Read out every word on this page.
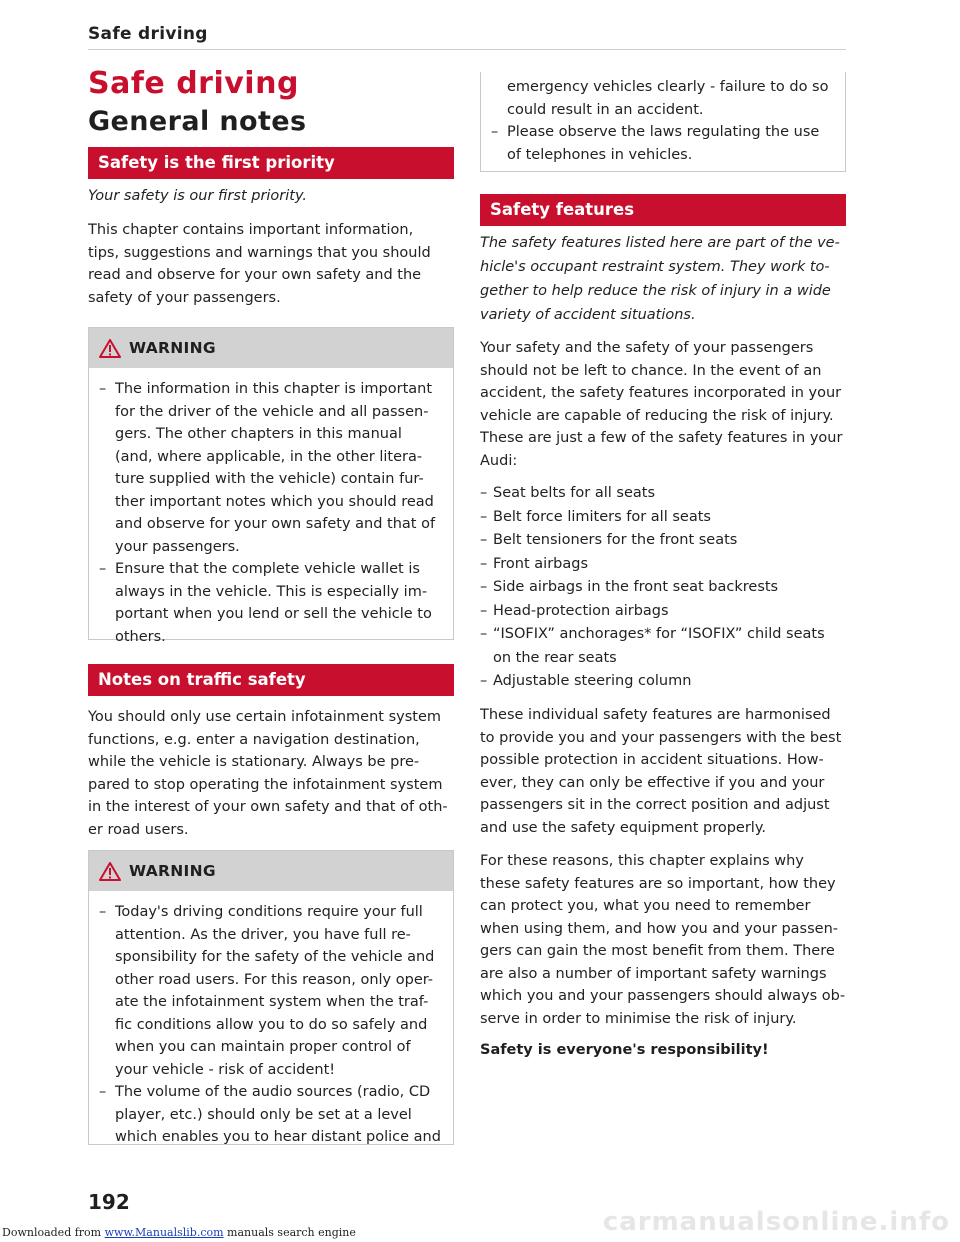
Safe driving
Safe driving
General notes
Safety is the first priority
Your safety is our first priority.

This chapter contains important information,

tips, suggestions and warnings that you should

read and observe for your own safety and the

safety of your passengers.

WARNING
– The information in this chapter is important
for the driver of the vehicle and all passen-
gers. The other chapters in this manual
(and, where applicable, in the other litera-
ture supplied with the vehicle) contain fur-
ther important notes which you should read
and observe for your own safety and that of
your passengers.
– Ensure that the complete vehicle wallet is
always in the vehicle. This is especially im-
portant when you lend or sell the vehicle to
others.
Notes on traffic safety

You should only use certain infotainment system

functions, e.g. enter a navigation destination,

while the vehicle is stationary. Always be pre-

pared to stop operating the infotainment system

in the interest of your own safety and that of oth-

er road users.

WARNING
– Today's driving conditions require your full
attention. As the driver, you have full re-
sponsibility for the safety of the vehicle and
other road users. For this reason, only oper-
ate the infotainment system when the traf-
fic conditions allow you to do so safely and
when you can maintain proper control of
your vehicle - risk of accident!
– The volume of the audio sources (radio, CD
player, etc.) should only be set at a level
which enables you to hear distant police and
emergency vehicles clearly - failure to do so
could result in an accident.
– Please observe the laws regulating the use
of telephones in vehicles.
Safety features
The safety features listed here are part of the ve-
hicle's occupant restraint system. They work to-
gether to help reduce the risk of injury in a wide
variety of accident situations.

Your safety and the safety of your passengers

should not be left to chance. In the event of an

accident, the safety features incorporated in your

vehicle are capable of reducing the risk of injury.

These are just a few of the safety features in your

Audi:

– Seat belts for all seats
– Belt force limiters for all seats
– Belt tensioners for the front seats
– Front airbags
– Side airbags in the front seat backrests
– Head-protection airbags
– “ISOFIX” anchorages* for “ISOFIX” child seats
on the rear seats
– Adjustable steering column

These individual safety features are harmonised

to provide you and your passengers with the best

possible protection in accident situations. How-

ever, they can only be effective if you and your

passengers sit in the correct position and adjust

and use the safety equipment properly.

For these reasons, this chapter explains why

these safety features are so important, how they

can protect you, what you need to remember

when using them, and how you and your passen-

gers can gain the most benefit from them. There

are also a number of important safety warnings

which you and your passengers should always ob-

serve in order to minimise the risk of injury.

Safety is everyone's responsibility!
192
Downloaded from www.Manualslib.com manuals search engine	carmanualsonline.info
